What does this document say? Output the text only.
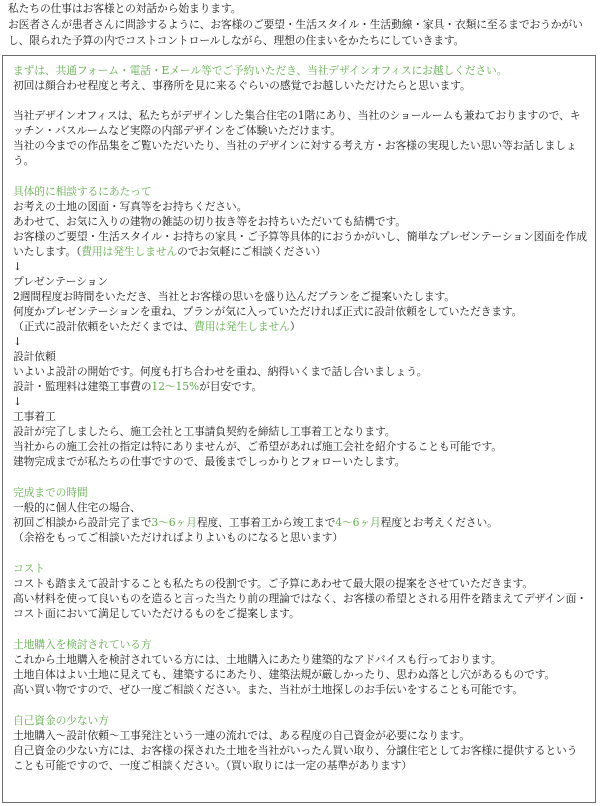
私たちの仕事はお客様との対話から始まります。

お医者さんが患者さんに問診するように、お客様のご要望・生活スタイル・生活動線・家具・衣類に至るまでおうかがいし、限られた予算の内でコストコントロールしながら、理想の住まいをかたちにしていきます。

まずは、共通フォーム・電話・Eメール等でご予約いただき、当社デザインオフィスにお越しください。

初回は顔合わせ程度と考え、事務所を見に来るぐらいの感覚でお越しいただけたらと思います。

当社デザインオフィスは、私たちがデザインした集合住宅の1階にあり、当社のショールームも兼ねておりますので、キッチン・バスルームなど実際の内部デザインをご体験いただけます。

当社の今までの作品集をご覧いただいたり、当社のデザインに対する考え方・お客様の実現したい思い等お話しましょう。

具体的に相談するにあたって

お考えの土地の図面・写真等をお持ちください。

あわせて、お気に入りの建物の雑誌の切り抜き等をお持ちいただいても結構です。

お客様のご要望・生活スタイル・お持ちの家具・ご予算等具体的におうかがいし、簡単なプレゼンテーション図面を作成いたします。（費用は発生しませんのでお気軽にご相談ください）

↓

プレゼンテーション

2週間程度お時間をいただき、当社とお客様の思いを盛り込んだプランをご提案いたします。

何度かプレゼンテーションを重ね、プランが気に入っていただければ正式に設計依頼をしていただきます。

（正式に設計依頼をいただくまでは、費用は発生しません）

↓

設計依頼

いよいよ設計の開始です。何度も打ち合わせを重ね、納得いくまで話し合いましょう。

設計・監理料は建築工事費の12～15%が目安です。

↓

工事着工

設計が完了しましたら、施工会社と工事請負契約を締結し工事着工となります。

当社からの施工会社の指定は特にありませんが、ご希望があれば施工会社を紹介することも可能です。

建物完成までが私たちの仕事ですので、最後までしっかりとフォローいたします。

完成までの時間

一般的に個人住宅の場合、

初回ご相談から設計完了まで3～6ヶ月程度、工事着工から竣工まで4～6ヶ月程度とお考えください。

（余裕をもってご相談いただければよりよいものになると思います）

コスト

コストも踏まえて設計することも私たちの役割です。ご予算にあわせて最大限の提案をさせていただきます。

高い材料を使って良いものを造ると言った当たり前の理論ではなく、お客様の希望とされる用件を踏まえてデザイン面・コスト面において満足していただけるものをご提案します。

土地購入を検討されている方

これから土地購入を検討されている方には、土地購入にあたり建築的なアドバイスも行っております。

土地自体はよい土地に見えても、建築するにあたり、建築法規が厳しかったり、思わぬ落とし穴があるものです。

高い買い物ですので、ぜひ一度ご相談ください。また、当社が土地探しのお手伝いをすることも可能です。

自己資金の少ない方

土地購入～設計依頼～工事発注という一連の流れでは、ある程度の自己資金が必要になります。

自己資金の少ない方には、お客様の探された土地を当社がいったん買い取り、分譲住宅としてお客様に提供するということも可能ですので、一度ご相談ください。（買い取りには一定の基準があります）
